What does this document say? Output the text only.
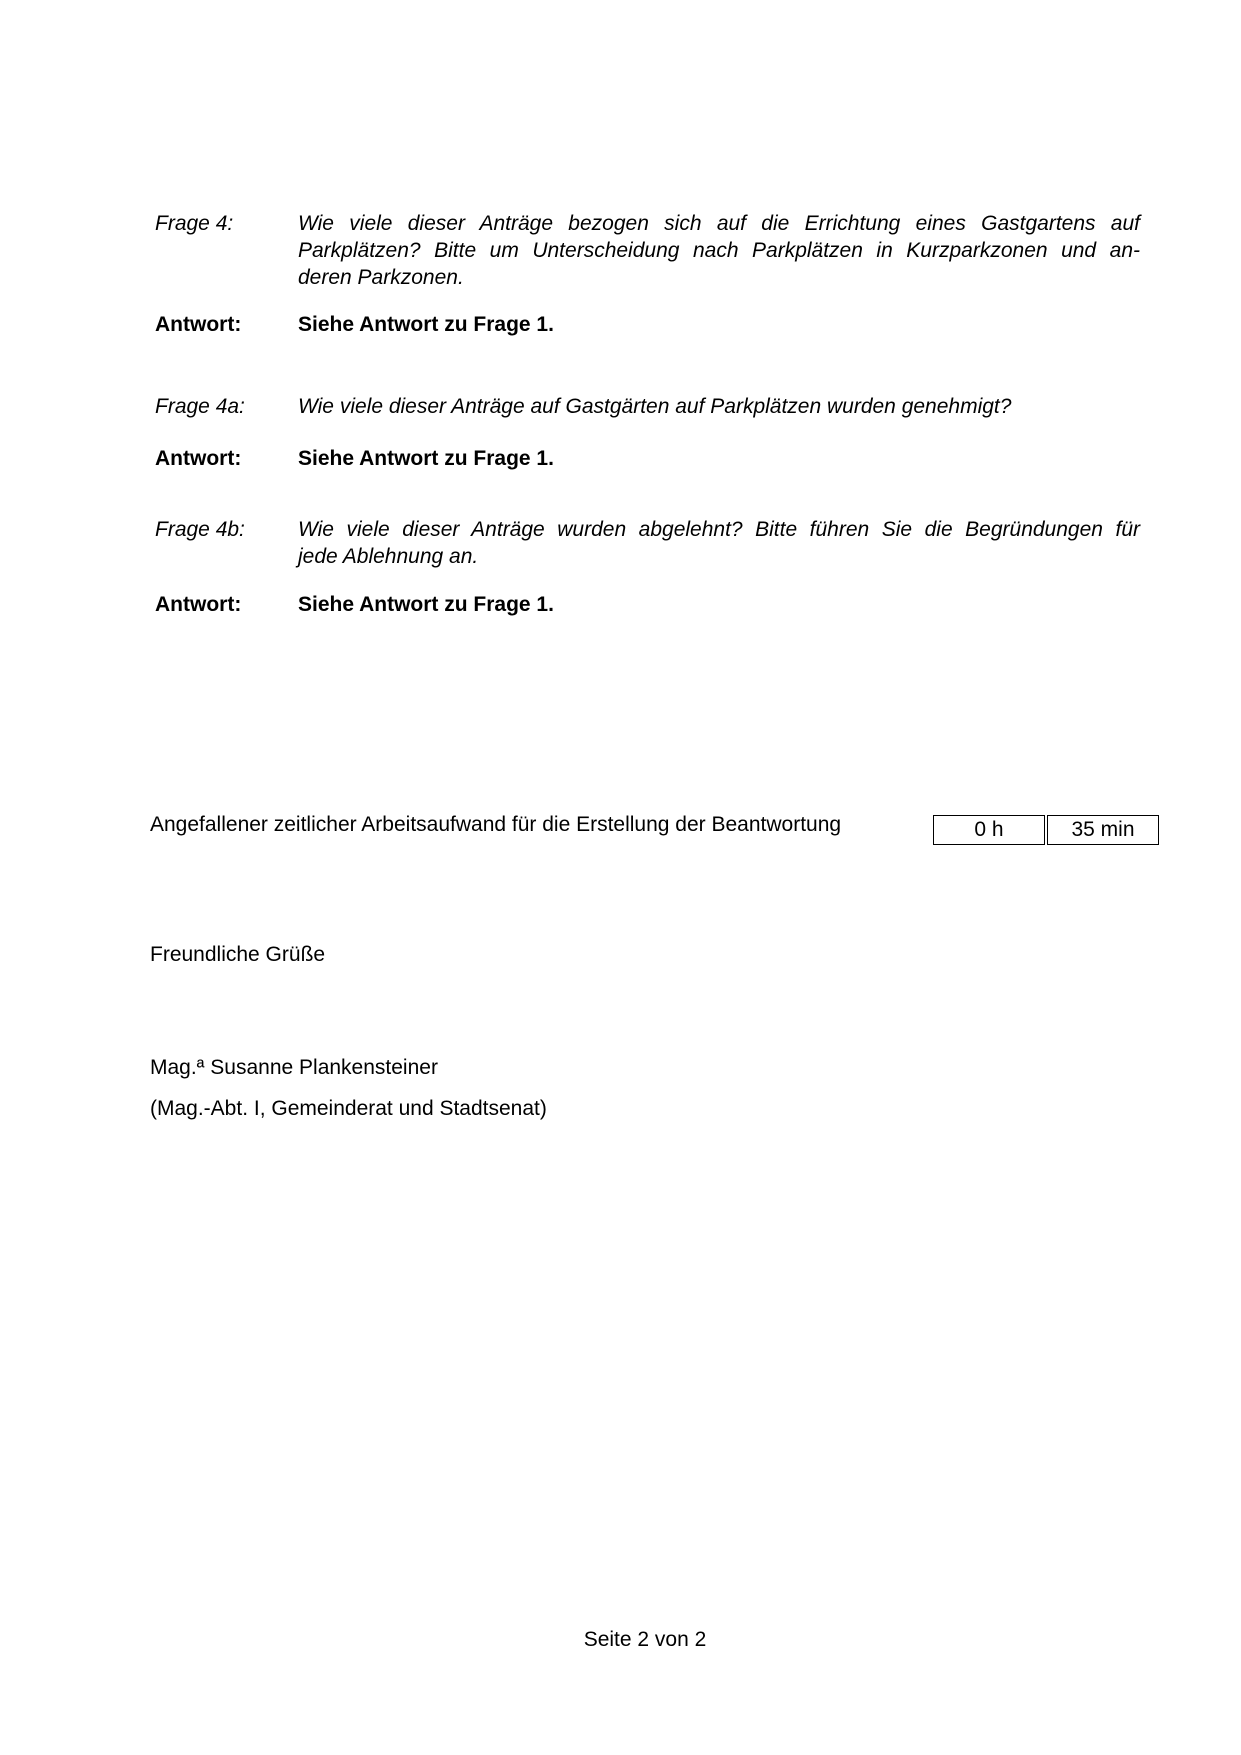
Frage 4:	Wie viele dieser Anträge bezogen sich auf die Errichtung eines Gastgartens auf
Parkplätzen? Bitte um Unterscheidung nach Parkplätzen in Kurzparkzonen und an-
deren Parkzonen.
Antwort:	Siehe Antwort zu Frage 1.
Frage 4a:	Wie viele dieser Anträge auf Gastgärten auf Parkplätzen wurden genehmigt?
Antwort:	Siehe Antwort zu Frage 1.
Frage 4b:	Wie viele dieser Anträge wurden abgelehnt? Bitte führen Sie die Begründungen für
jede Ablehnung an.
Antwort:	Siehe Antwort zu Frage 1.
Angefallener zeitlicher Arbeitsaufwand für die Erstellung der Beantwortung	0 h	35 min
Freundliche Grüße
Mag.ª Susanne Plankensteiner
(Mag.-Abt. I, Gemeinderat und Stadtsenat)
Seite 2 von 2
